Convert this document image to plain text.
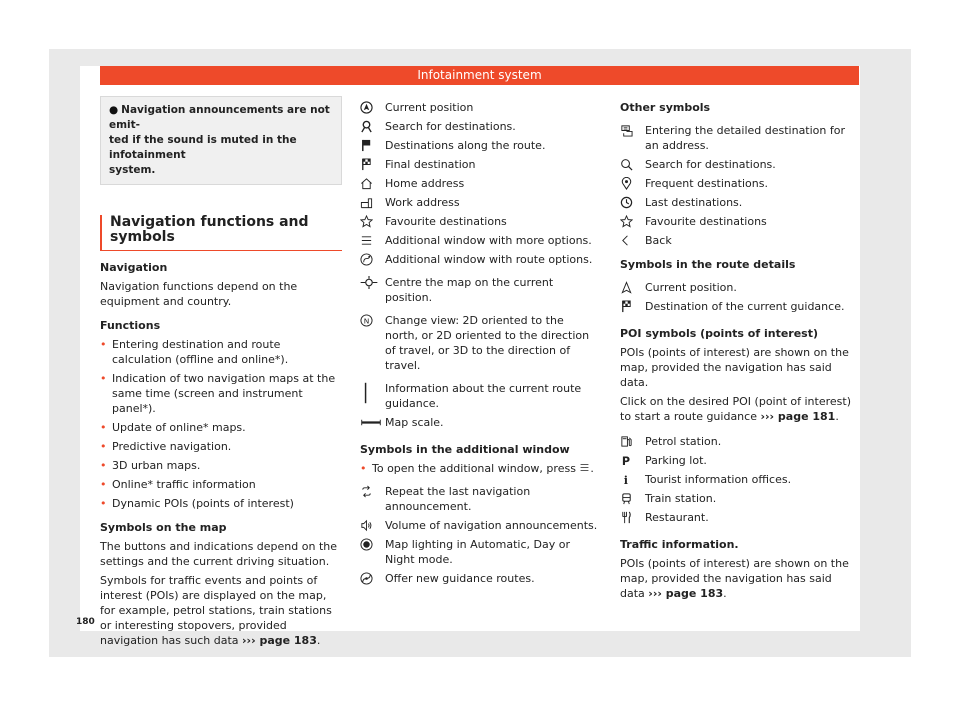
Infotainment system
● Navigation announcements are not emit-
ted if the sound is muted in the infotainment
system.
Navigation functions and symbols
Navigation

Navigation functions depend on the equipment and country.

Functions
• Entering destination and route calculation (offline and online*).
• Indication of two navigation maps at the same time (screen and instrument panel*).
• Update of online* maps.
• Predictive navigation.
• 3D urban maps.
• Online* traffic information
• Dynamic POIs (points of interest)
Symbols on the map

The buttons and indications depend on the settings and the current driving situation.

Symbols for traffic events and points of interest (POIs) are displayed on the map, for example, petrol stations, train stations or interesting stopovers, provided navigation has such data ››› page 183.

Current position
Search for destinations.
Destinations along the route.
Final destination
Home address
Work address
Favourite destinations
Additional window with more options.
Additional window with route options.
Centre the map on the current position.
N Change view: 2D oriented to the north, or 2D oriented to the direction of travel, or 3D to the direction of travel.
Information about the current route guidance.
Map scale.
Symbols in the additional window
• To open the additional window, press .
Repeat the last navigation announcement.
Volume of navigation announcements.
Map lighting in Automatic, Day or Night mode.
Offer new guidance routes.
Other symbols
Entering the detailed destination for an address.
Search for destinations.
Frequent destinations.
Last destinations.
Favourite destinations
Back
Symbols in the route details
Current position.
Destination of the current guidance.
POI symbols (points of interest)

POIs (points of interest) are shown on the map, provided the navigation has said data.

Click on the desired POI (point of interest) to start a route guidance ››› page 181.

Petrol station.
P Parking lot.
i Tourist information offices.
Train station.
Restaurant.
Traffic information.

POIs (points of interest) are shown on the map, provided the navigation has said data ››› page 183.

180
